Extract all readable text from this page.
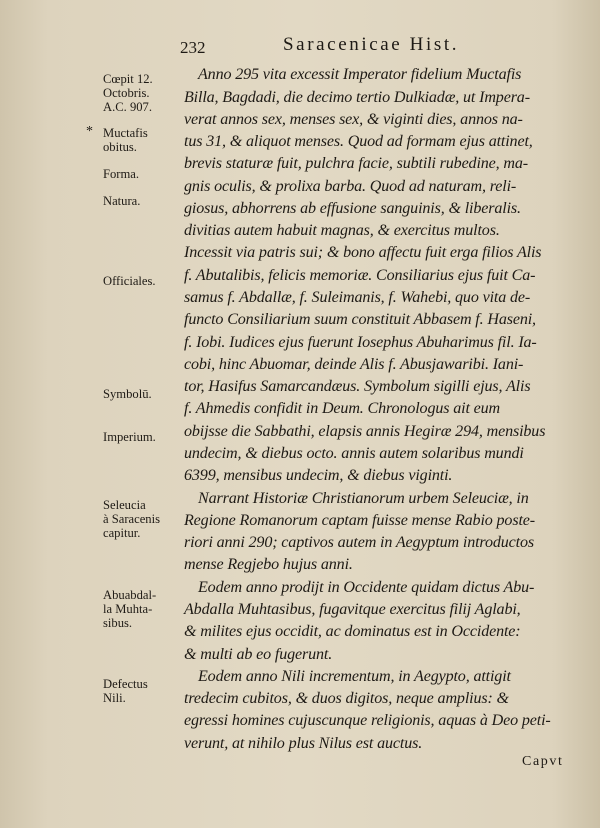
232	Saracenicae Hist.
Cœpit 12.
Octobris.
A.C. 907.
* Muctafis
obitus.
Forma.
Natura.
Officiales.
Symbolū.
Imperium.
Seleucia
à Saracenis
capitur.
Abuabdal-
la Muhta-
sibus.
Defectus
Nili.
Anno 295 vita excessit Imperator fidelium Muctafis
Billa, Bagdadi, die decimo tertio Dulkiadæ, ut Impera-
verat annos sex, menses sex, & viginti dies, annos na-
tus 31, & aliquot menses. Quod ad formam ejus attinet,
brevis staturæ fuit, pulchra facie, subtili rubedine, ma-
gnis oculis, & prolixa barba. Quod ad naturam, reli-
giosus, abhorrens ab effusione sanguinis, & liberalis.
divitias autem habuit magnas, & exercitus multos.
Incessit via patris sui; & bono affectu fuit erga filios Alis
f. Abutalibis, felicis memoriæ. Consiliarius ejus fuit Ca-
samus f. Abdallæ, f. Suleimanis, f. Wahebi, quo vita de-
functo Consiliarium suum constituit Abbasem f. Haseni,
f. Iobi. Iudices ejus fuerunt Iosephus Abuharimus fil. Ia-
cobi, hinc Abuomar, deinde Alis f. Abusjawaribi. Iani-
tor, Hasifus Samarcandæus. Symbolum sigilli ejus, Alis
f. Ahmedis confidit in Deum. Chronologus ait eum
obijsse die Sabbathi, elapsis annis Hegiræ 294, mensibus
undecim, & diebus octo. annis autem solaribus mundi
6399, mensibus undecim, & diebus viginti.
Narrant Historiæ Christianorum urbem Seleuciæ, in
Regione Romanorum captam fuisse mense Rabio poste-
riori anni 290; captivos autem in Aegyptum introductos
mense Regjebo hujus anni.
Eodem anno prodijt in Occidente quidam dictus Abu-
Abdalla Muhtasibus, fugavitque exercitus filij Aglabi,
& milites ejus occidit, ac dominatus est in Occidente:
& multi ab eo fugerunt.
Eodem anno Nili incrementum, in Aegypto, attigit
tredecim cubitos, & duos digitos, neque amplius: &
egressi homines cujuscunque religionis, aquas à Deo peti-
verunt, at nihilo plus Nilus est auctus.
Capvt
